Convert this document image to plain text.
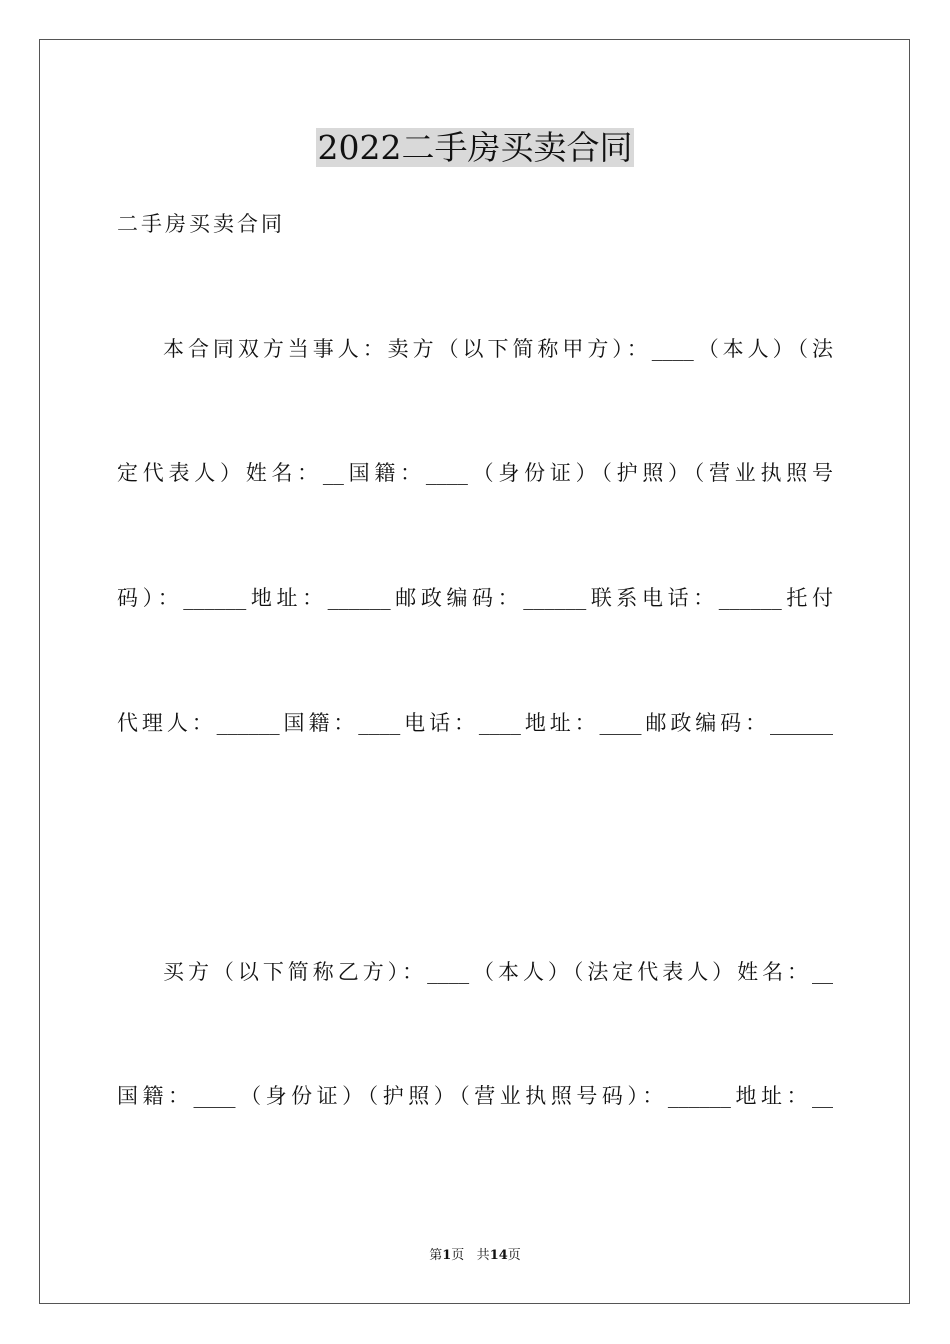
2022二手房买卖合同
二手房买卖合同
本合同双方当事人：卖方（以下简称甲方）：____（本人）（法
定代表人）姓名：__国籍：____（身份证）（护照）（营业执照号
码）：______地址：______邮政编码：______联系电话：______托付
代理人：______国籍：____电话：____地址：____邮政编码：______
买方（以下简称乙方）：____（本人）（法定代表人）姓名：__
国籍：____（身份证）（护照）（营业执照号码）：______地址：__
第1页 共14页
